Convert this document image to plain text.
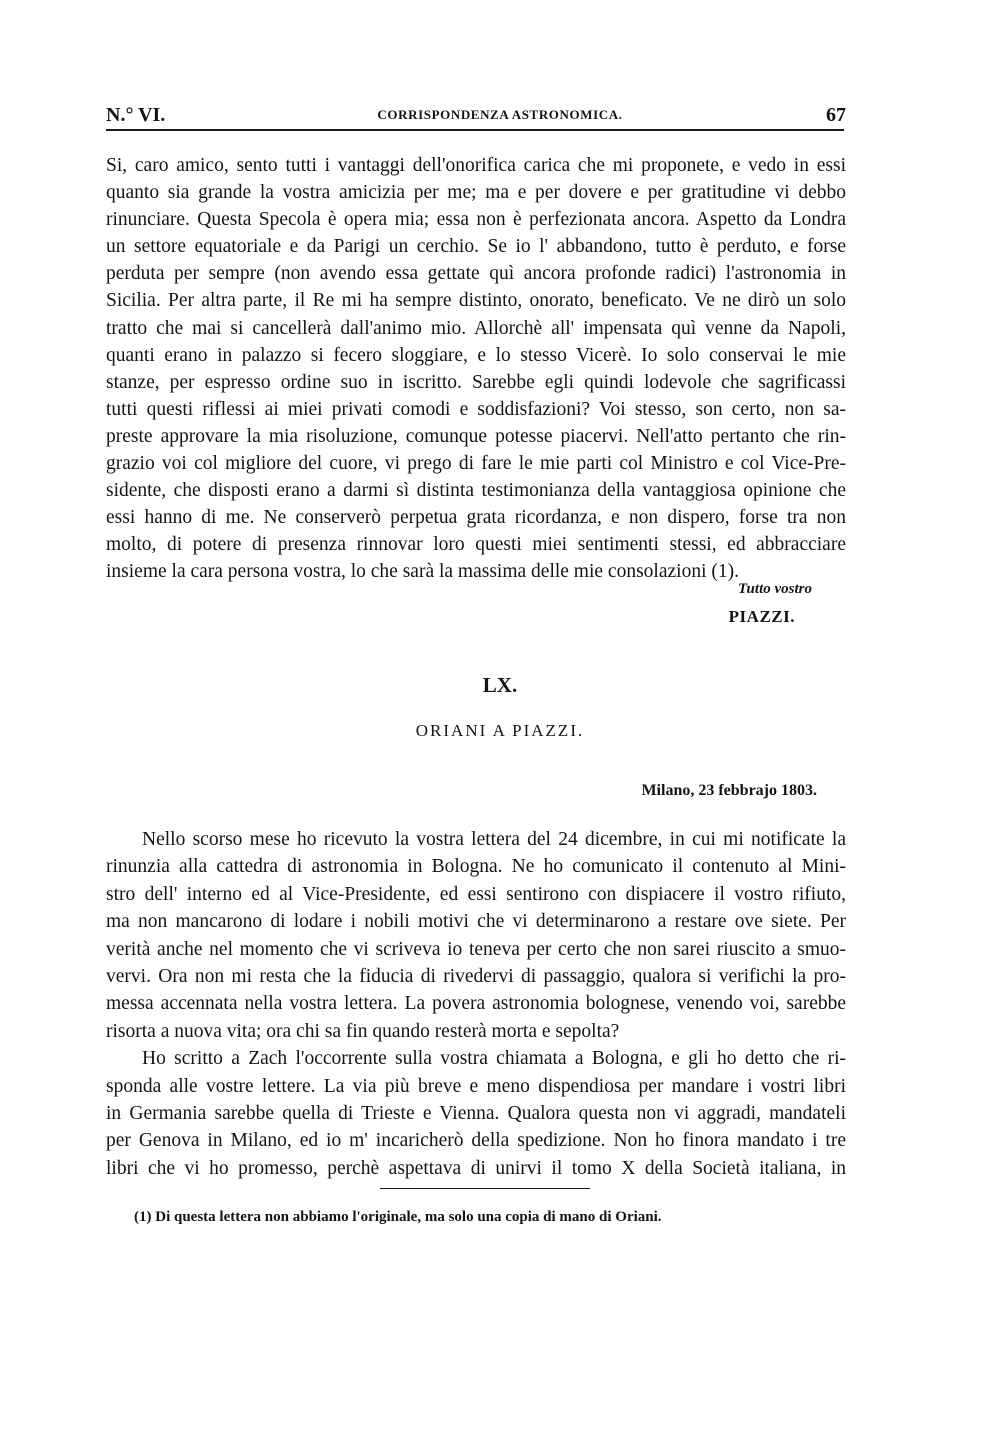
N.° VI.	CORRISPONDENZA ASTRONOMICA.	67
Si, caro amico, sento tutti i vantaggi dell'onorifica carica che mi proponete, e vedo in essi
quanto sia grande la vostra amicizia per me; ma e per dovere e per gratitudine vi debbo
rinunciare. Questa Specola è opera mia; essa non è perfezionata ancora. Aspetto da Londra
un settore equatoriale e da Parigi un cerchio. Se io l' abbandono, tutto è perduto, e forse
perduta per sempre (non avendo essa gettate quì ancora profonde radici) l'astronomia in
Sicilia. Per altra parte, il Re mi ha sempre distinto, onorato, beneficato. Ve ne dirò un solo
tratto che mai si cancellerà dall'animo mio. Allorchè all' impensata quì venne da Napoli,
quanti erano in palazzo si fecero sloggiare, e lo stesso Vicerè. Io solo conservai le mie
stanze, per espresso ordine suo in iscritto. Sarebbe egli quindi lodevole che sagrificassi
tutti questi riflessi ai miei privati comodi e soddisfazioni? Voi stesso, son certo, non sa-
preste approvare la mia risoluzione, comunque potesse piacervi. Nell'atto pertanto che rin-
grazio voi col migliore del cuore, vi prego di fare le mie parti col Ministro e col Vice-Pre-
sidente, che disposti erano a darmi sì distinta testimonianza della vantaggiosa opinione che
essi hanno di me. Ne conserverò perpetua grata ricordanza, e non dispero, forse tra non
molto, di potere di presenza rinnovar loro questi miei sentimenti stessi, ed abbracciare
insieme la cara persona vostra, lo che sarà la massima delle mie consolazioni (1).
Tutto vostro
PIAZZI.
LX.
ORIANI A PIAZZI.
Milano, 23 febbrajo 1803.
Nello scorso mese ho ricevuto la vostra lettera del 24 dicembre, in cui mi notificate la
rinunzia alla cattedra di astronomia in Bologna. Ne ho comunicato il contenuto al Mini-
stro dell' interno ed al Vice-Presidente, ed essi sentirono con dispiacere il vostro rifiuto,
ma non mancarono di lodare i nobili motivi che vi determinarono a restare ove siete. Per
verità anche nel momento che vi scriveva io teneva per certo che non sarei riuscito a smuo-
vervi. Ora non mi resta che la fiducia di rivedervi di passaggio, qualora si verifichi la pro-
messa accennata nella vostra lettera. La povera astronomia bolognese, venendo voi, sarebbe
risorta a nuova vita; ora chi sa fin quando resterà morta e sepolta?
Ho scritto a Zach l'occorrente sulla vostra chiamata a Bologna, e gli ho detto che ri-
sponda alle vostre lettere. La via più breve e meno dispendiosa per mandare i vostri libri
in Germania sarebbe quella di Trieste e Vienna. Qualora questa non vi aggradi, mandateli
per Genova in Milano, ed io m' incaricherò della spedizione. Non ho finora mandato i tre
libri che vi ho promesso, perchè aspettava di unirvi il tomo X della Società italiana, in
(1) Di questa lettera non abbiamo l'originale, ma solo una copia di mano di Oriani.
